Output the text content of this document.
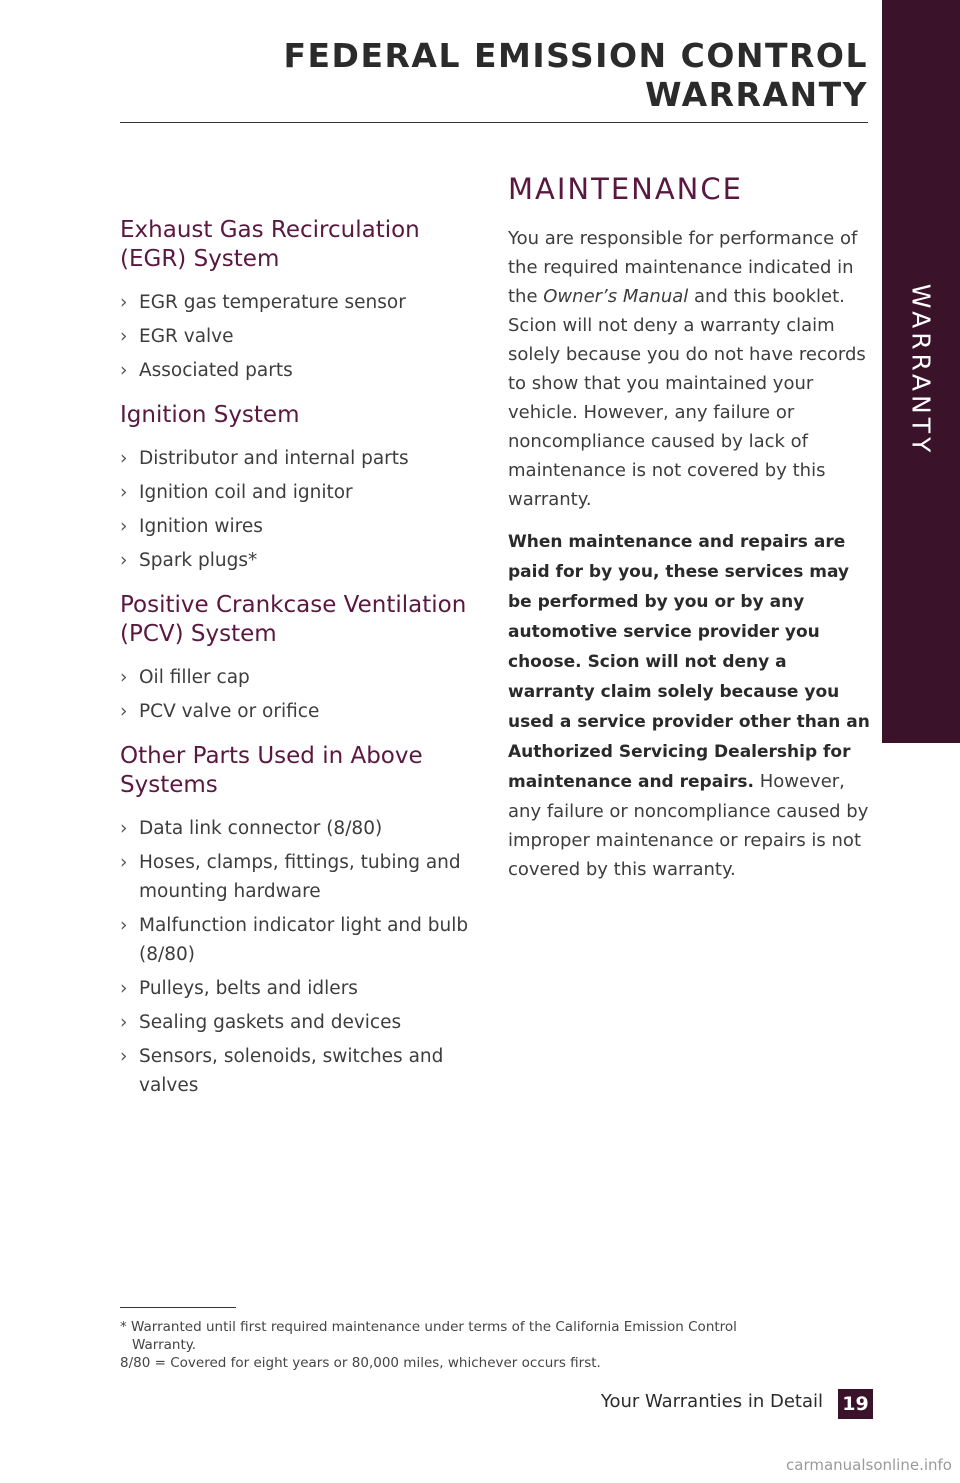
WARRANTY
FEDERAL EMISSION CONTROL WARRANTY
Exhaust Gas Recirculation (EGR) System
› EGR gas temperature sensor
› EGR valve
› Associated parts
Ignition System
› Distributor and internal parts
› Ignition coil and ignitor
› Ignition wires
› Spark plugs*
Positive Crankcase Ventilation (PCV) System
› Oil filler cap
› PCV valve or orifice
Other Parts Used in Above Systems
› Data link connector (8/80)
› Hoses, clamps, fittings, tubing and mounting hardware
› Malfunction indicator light and bulb (8/80)
› Pulleys, belts and idlers
› Sealing gaskets and devices
› Sensors, solenoids, switches and valves
MAINTENANCE

You are responsible for performance of the required maintenance indicated in the Owner’s Manual and this booklet. Scion will not deny a warranty claim solely because you do not have records to show that you maintained your vehicle. However, any failure or noncompliance caused by lack of maintenance is not covered by this warranty.

When maintenance and repairs are paid for by you, these services may be performed by you or by any automotive service provider you choose. Scion will not deny a warranty claim solely because you used a service provider other than an Authorized Servicing Dealership for maintenance and repairs. However, any failure or noncompliance caused by improper maintenance or repairs is not covered by this warranty.

* Warranted until first required maintenance under terms of the California Emission Control

Warranty.

8/80 = Covered for eight years or 80,000 miles, whichever occurs first.

Your Warranties in Detail 19
carmanualsonline.info
